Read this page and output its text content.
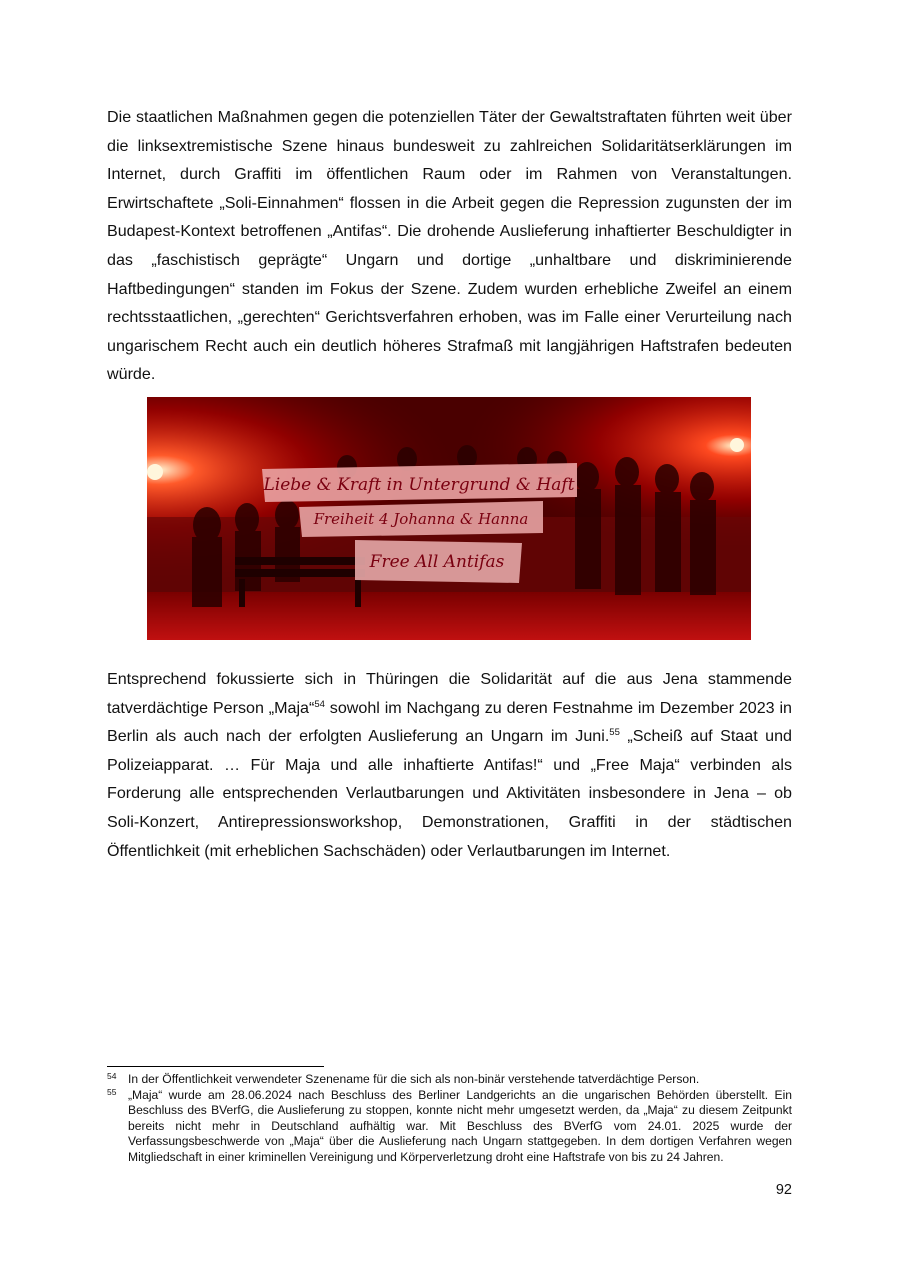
Die staatlichen Maßnahmen gegen die potenziellen Täter der Gewaltstraftaten führten weit über die linksextremistische Szene hinaus bundesweit zu zahlreichen Solidaritätserklärungen im Internet, durch Graffiti im öffentlichen Raum oder im Rahmen von Veranstaltungen. Erwirtschaftete „Soli-Einnahmen“ flossen in die Arbeit gegen die Repression zugunsten der im Budapest-Kontext betroffenen „Antifas“. Die drohende Auslieferung inhaftierter Beschuldigter in das „faschistisch geprägte“ Ungarn und dortige „unhaltbare und diskriminierende Haftbedingungen“ standen im Fokus der Szene. Zudem wurden erhebliche Zweifel an einem rechtsstaatlichen, „gerechten“ Gerichtsverfahren erhoben, was im Falle einer Verurteilung nach ungarischem Recht auch ein deutlich höheres Strafmaß mit langjährigen Haftstrafen bedeuten würde.

Liebe & Kraft in Untergrund & Haft
Freiheit 4 Johanna & Hanna
Free All Antifas

Entsprechend fokussierte sich in Thüringen die Solidarität auf die aus Jena stammende tatverdächtige Person „Maja“$^{54}$ sowohl im Nachgang zu deren Festnahme im Dezember 2023 in Berlin als auch nach der erfolgten Auslieferung an Ungarn im Juni.$^{55}$ „Scheiß auf Staat und Polizeiapparat. … Für Maja und alle inhaftierte Antifas!“ und „Free Maja“ verbinden als Forderung alle entsprechenden Verlautbarungen und Aktivitäten insbesondere in Jena – ob Soli-Konzert, Antirepressionsworkshop, Demonstrationen, Graffiti in der städtischen Öffentlichkeit (mit erheblichen Sachschäden) oder Verlautbarungen im Internet.

54 In der Öffentlichkeit verwendeter Szenename für die sich als non-binär verstehende tatverdächtige Person.

55 „Maja“ wurde am 28.06.2024 nach Beschluss des Berliner Landgerichts an die ungarischen Behörden überstellt. Ein Beschluss des BVerfG, die Auslieferung zu stoppen, konnte nicht mehr umgesetzt werden, da „Maja“ zu diesem Zeitpunkt bereits nicht mehr in Deutschland aufhältig war. Mit Beschluss des BVerfG vom 24.01. 2025 wurde der Verfassungsbeschwerde von „Maja“ über die Auslieferung nach Ungarn stattgegeben. In dem dortigen Verfahren wegen Mitgliedschaft in einer kriminellen Vereinigung und Körperverletzung droht eine Haftstrafe von bis zu 24 Jahren.

92
